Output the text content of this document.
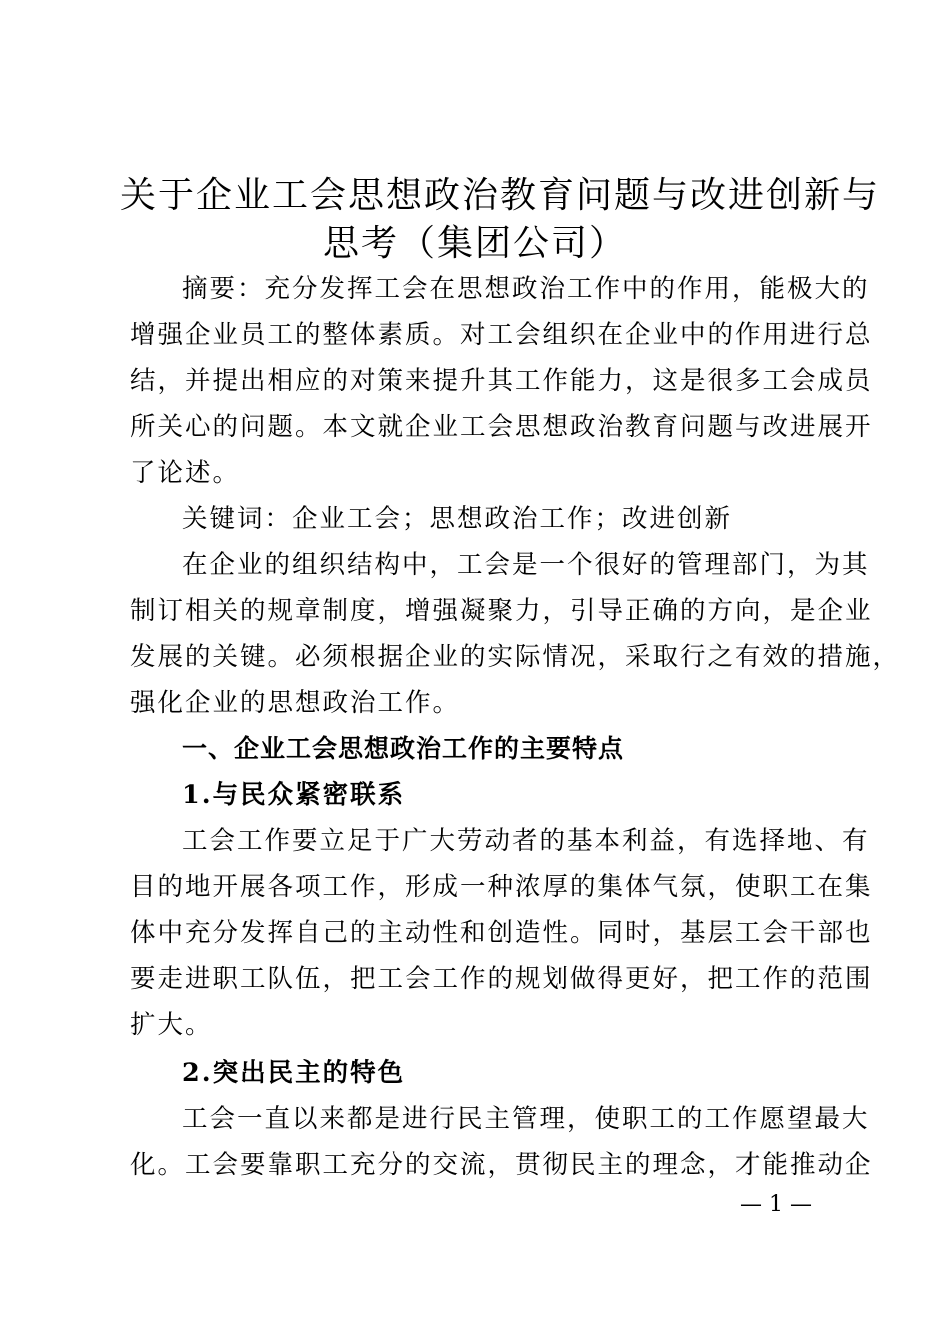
关于企业工会思想政治教育问题与改进创新与
思考（集团公司）
摘要：充分发挥工会在思想政治工作中的作用，能极大的
增强企业员工的整体素质。对工会组织在企业中的作用进行总
结，并提出相应的对策来提升其工作能力，这是很多工会成员
所关心的问题。本文就企业工会思想政治教育问题与改进展开
了论述。
关键词：企业工会；思想政治工作；改进创新
在企业的组织结构中，工会是一个很好的管理部门，为其
制订相关的规章制度，增强凝聚力，引导正确的方向，是企业
发展的关键。必须根据企业的实际情况，采取行之有效的措施，
强化企业的思想政治工作。
一、企业工会思想政治工作的主要特点
1.与民众紧密联系
工会工作要立足于广大劳动者的基本利益，有选择地、有
目的地开展各项工作，形成一种浓厚的集体气氛，使职工在集
体中充分发挥自己的主动性和创造性。同时，基层工会干部也
要走进职工队伍，把工会工作的规划做得更好，把工作的范围
扩大。
2.突出民主的特色
工会一直以来都是进行民主管理，使职工的工作愿望最大
化。工会要靠职工充分的交流，贯彻民主的理念，才能推动企
— 1 —
